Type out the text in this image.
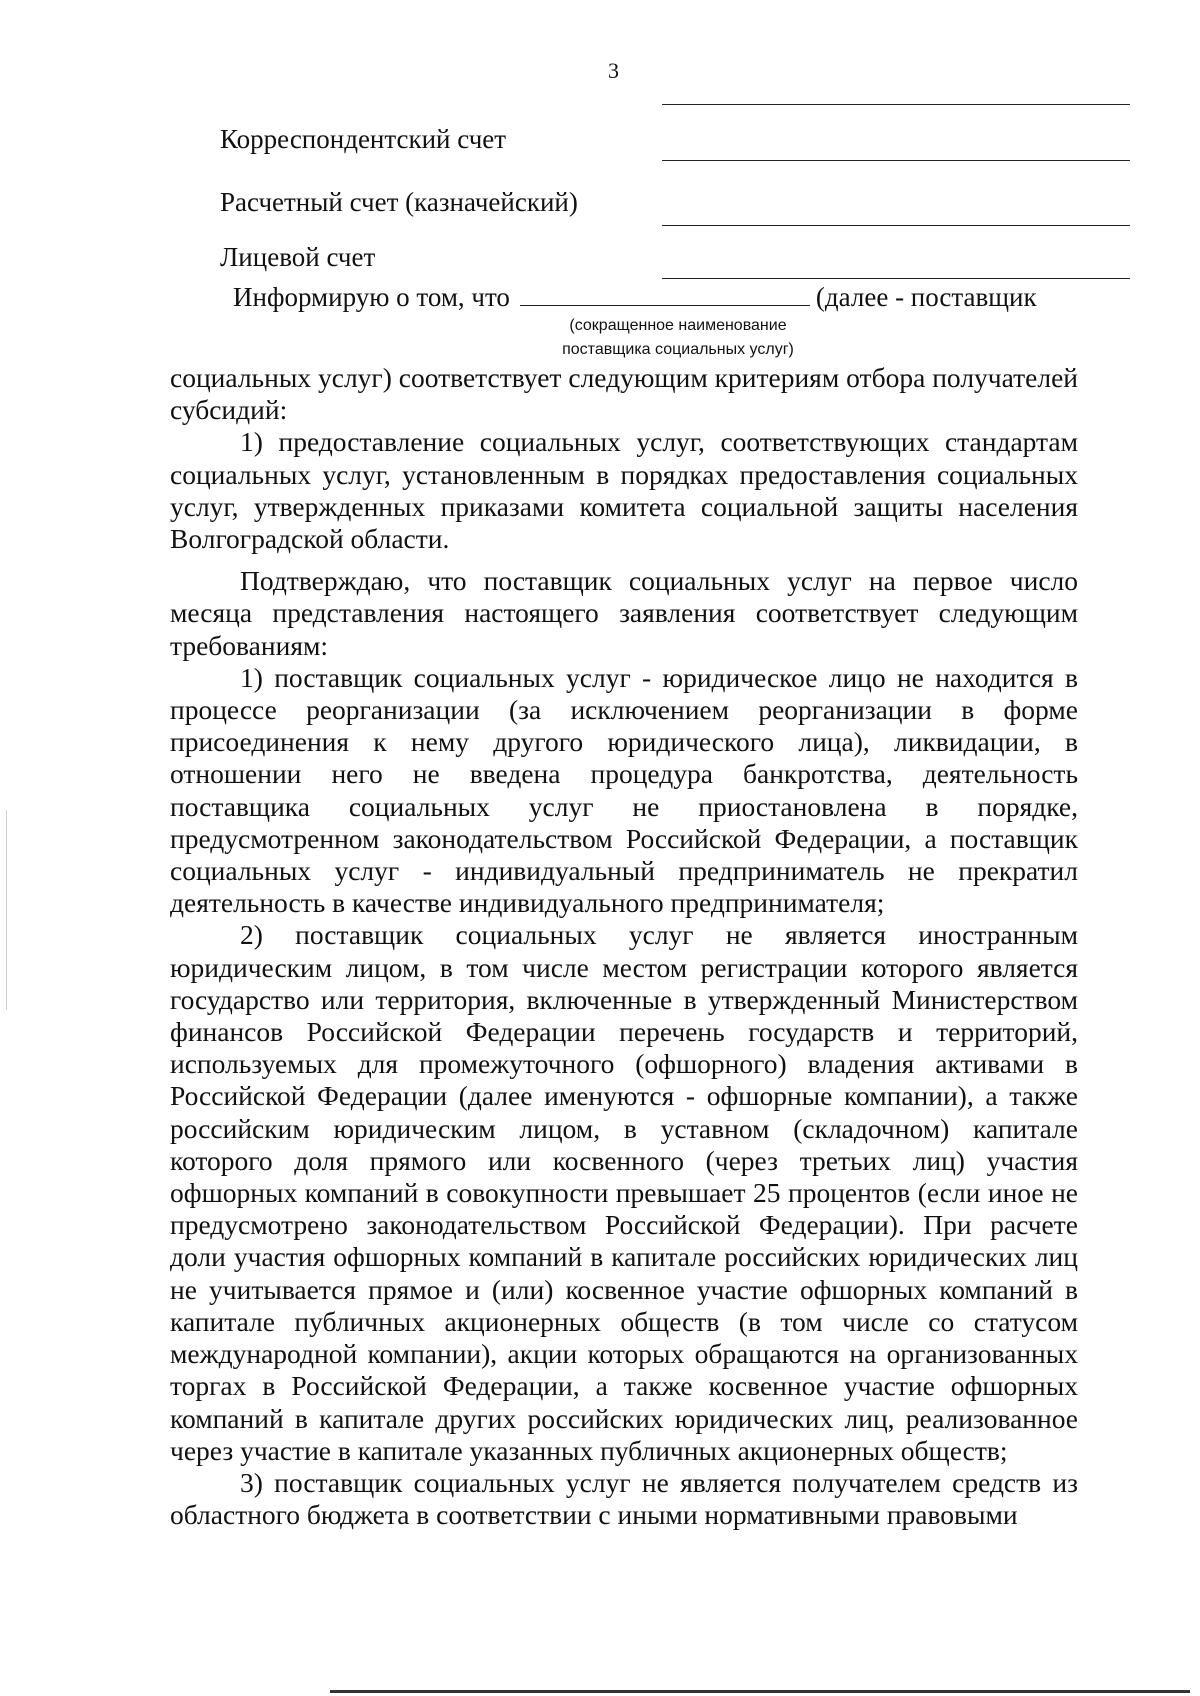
3
Корреспондентский счет
Расчетный счет (казначейский)
Лицевой счет
Информирую о том, что	(далее - поставщик
(сокращенное наименование
поставщика социальных услуг)

социальных услуг) соответствует следующим критериям отбора получателей субсидий:

1) предоставление социальных услуг, соответствующих стандартам социальных услуг, установленным в порядках предоставления социальных услуг, утвержденных приказами комитета социальной защиты населения Волгоградской области.

Подтверждаю, что поставщик социальных услуг на первое число месяца представления настоящего заявления соответствует следующим требованиям:

1) поставщик социальных услуг - юридическое лицо не находится в процессе реорганизации (за исключением реорганизации в форме присоединения к нему другого юридического лица), ликвидации, в отношении него не введена процедура банкротства, деятельность поставщика социальных услуг не приостановлена в порядке, предусмотренном законодательством Российской Федерации, а поставщик социальных услуг - индивидуальный предприниматель не прекратил деятельность в качестве индивидуального предпринимателя;

2) поставщик социальных услуг не является иностранным юридическим лицом, в том числе местом регистрации которого является государство или территория, включенные в утвержденный Министерством финансов Российской Федерации перечень государств и территорий, используемых для промежуточного (офшорного) владения активами в Российской Федерации (далее именуются - офшорные компании), а также российским юридическим лицом, в уставном (складочном) капитале которого доля прямого или косвенного (через третьих лиц) участия офшорных компаний в совокупности превышает 25 процентов (если иное не предусмотрено законодательством Российской Федерации). При расчете доли участия офшорных компаний в капитале российских юридических лиц не учитывается прямое и (или) косвенное участие офшорных компаний в капитале публичных акционерных обществ (в том числе со статусом международной компании), акции которых обращаются на организованных торгах в Российской Федерации, а также косвенное участие офшорных компаний в капитале других российских юридических лиц, реализованное через участие в капитале указанных публичных акционерных обществ;

3) поставщик социальных услуг не является получателем средств из областного бюджета в соответствии с иными нормативными правовыми
